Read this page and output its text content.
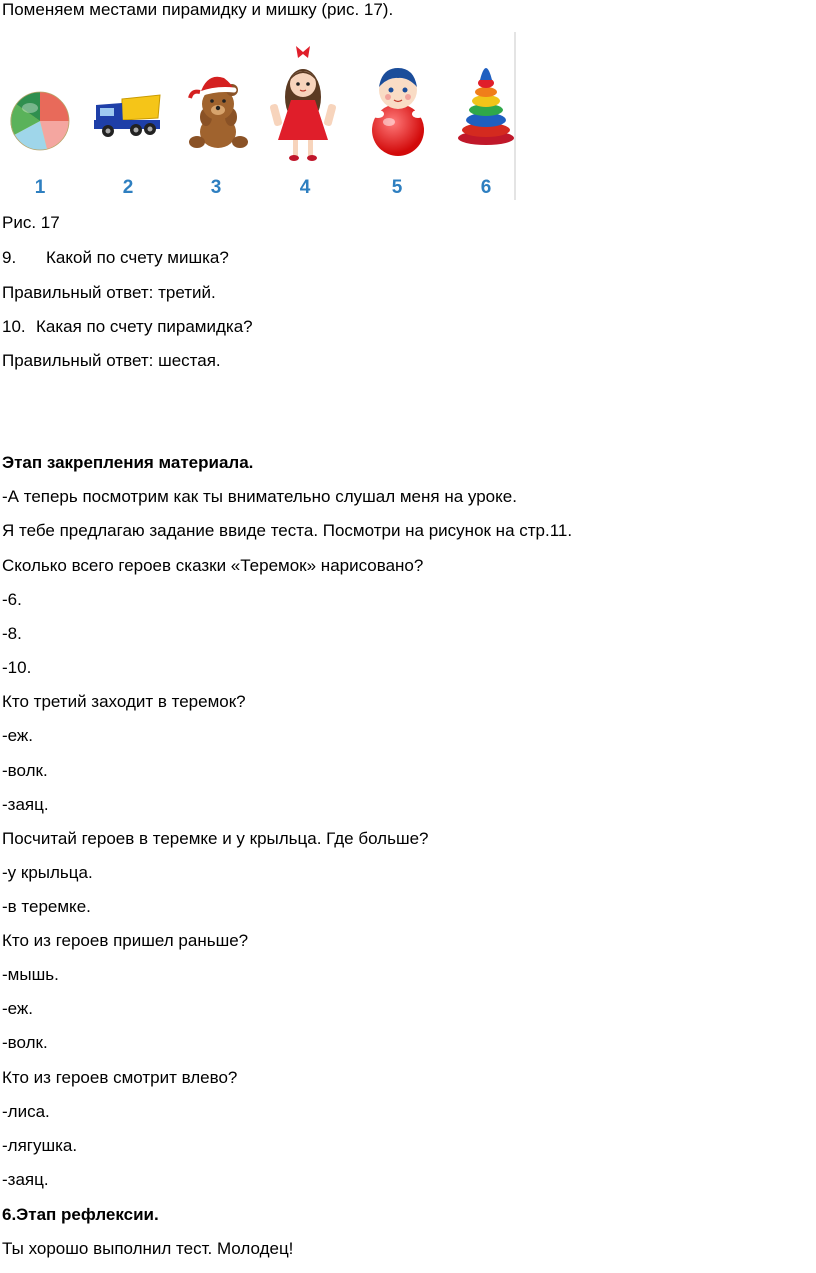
Поменяем местами пирамидку и мишку (рис. 17).
1	2	3	4	5	6
Рис. 17
9. Какой по счету мишка?
Правильный ответ: третий.
10. Какая по счету пирамидка?
Правильный ответ: шестая.
Этап закрепления материала.
-А теперь посмотрим как ты внимательно слушал меня на уроке.
Я тебе предлагаю задание ввиде теста. Посмотри на рисунок на стр.11.
Сколько всего героев сказки «Теремок» нарисовано?
-6.
-8.
-10.
Кто третий заходит в теремок?
-еж.
-волк.
-заяц.
Посчитай героев в теремке и у крыльца. Где больше?
-у крыльца.
-в теремке.
Кто из героев пришел раньше?
-мышь.
-еж.
-волк.
Кто из героев смотрит влево?
-лиса.
-лягушка.
-заяц.
6.Этап рефлексии.
Ты хорошо выполнил тест. Молодец!
